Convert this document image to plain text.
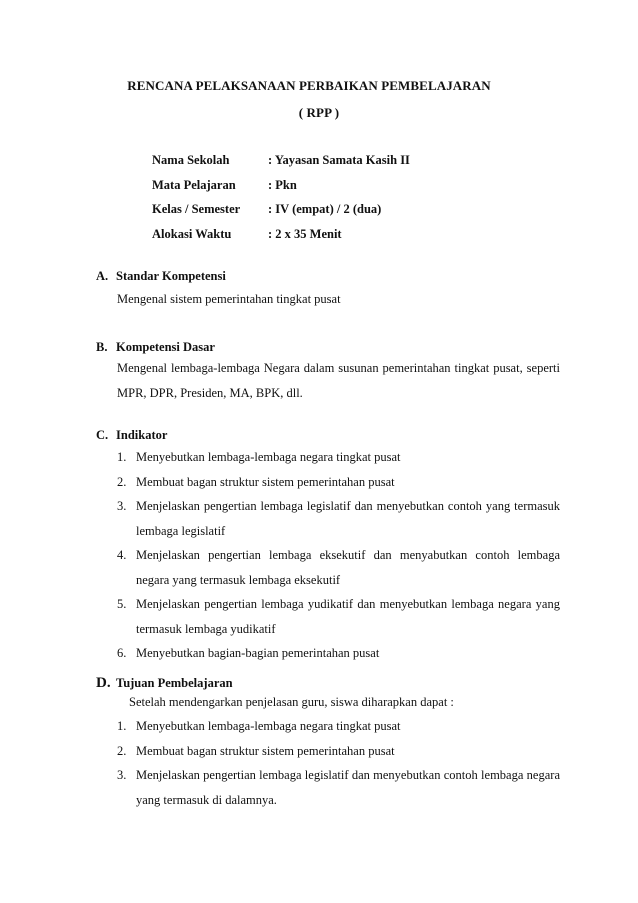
RENCANA PELAKSANAAN PERBAIKAN PEMBELAJARAN
( RPP )
Nama Sekolah	: Yayasan Samata Kasih II
Mata Pelajaran	: Pkn
Kelas / Semester : IV (empat) / 2 (dua)
Alokasi Waktu	: 2 x 35 Menit
A. Standar Kompetensi
Mengenal sistem pemerintahan tingkat pusat
B. Kompetensi Dasar
Mengenal lembaga-lembaga Negara dalam susunan pemerintahan tingkat pusat, seperti MPR, DPR, Presiden, MA, BPK, dll.
C. Indikator
1. Menyebutkan lembaga-lembaga negara tingkat pusat
2. Membuat bagan struktur sistem pemerintahan pusat
3. Menjelaskan pengertian lembaga legislatif dan menyebutkan contoh yang termasuk lembaga legislatif
4. Menjelaskan pengertian lembaga eksekutif dan menyabutkan contoh lembaga negara yang termasuk lembaga eksekutif
5. Menjelaskan pengertian lembaga yudikatif dan menyebutkan lembaga negara yang termasuk lembaga yudikatif
6. Menyebutkan bagian-bagian pemerintahan pusat
D. Tujuan Pembelajaran
Setelah mendengarkan penjelasan guru, siswa diharapkan dapat :
1. Menyebutkan lembaga-lembaga negara tingkat pusat
2. Membuat bagan struktur sistem pemerintahan pusat
3. Menjelaskan pengertian lembaga legislatif dan menyebutkan contoh lembaga negara yang termasuk di dalamnya.
